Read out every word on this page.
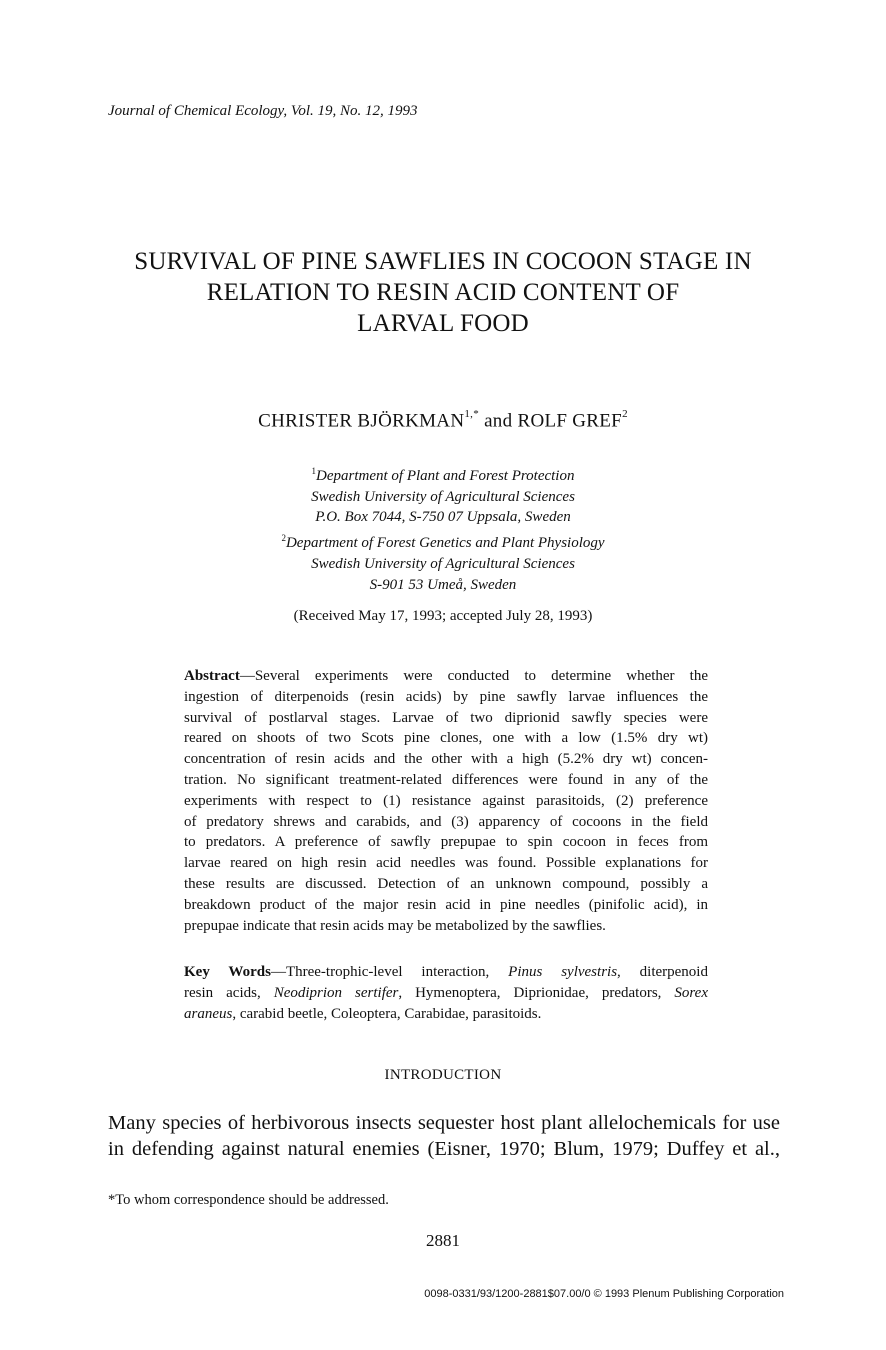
Journal of Chemical Ecology, Vol. 19, No. 12, 1993
SURVIVAL OF PINE SAWFLIES IN COCOON STAGE IN
RELATION TO RESIN ACID CONTENT OF
LARVAL FOOD
CHRISTER $BJÖRKMAN^{1,*}$ and ROLF GREF$^2$
$^1$Department of Plant and Forest Protection
Swedish University of Agricultural Sciences
P.O. Box 7044, S-750 07 Uppsala, Sweden
$^2$Department of Forest Genetics and Plant Physiology
Swedish University of Agricultural Sciences
S-901 53 Umeå, Sweden
(Received May 17, 1993; accepted July 28, 1993)
Abstract—Several experiments were conducted to determine whether the
ingestion of diterpenoids (resin acids) by pine sawfly larvae influences the
survival of postlarval stages. Larvae of two diprionid sawfly species were
reared on shoots of two Scots pine clones, one with a low (1.5% dry wt)
concentration of resin acids and the other with a high (5.2% dry wt) concen-
tration. No significant treatment-related differences were found in any of the
experiments with respect to (1) resistance against parasitoids, (2) preference
of predatory shrews and carabids, and (3) apparency of cocoons in the field
to predators. A preference of sawfly prepupae to spin cocoon in feces from
larvae reared on high resin acid needles was found. Possible explanations for
these results are discussed. Detection of an unknown compound, possibly a
breakdown product of the major resin acid in pine needles (pinifolic acid), in
prepupae indicate that resin acids may be metabolized by the sawflies.
Key Words—Three-trophic-level interaction, Pinus sylvestris, diterpenoid
resin acids, Neodiprion sertifer, Hymenoptera, Diprionidae, predators, Sorex
araneus, carabid beetle, Coleoptera, Carabidae, parasitoids.
INTRODUCTION
Many species of herbivorous insects sequester host plant allelochemicals for use
in defending against natural enemies (Eisner, 1970; Blum, 1979; Duffey et al.,
*To whom correspondence should be addressed.
2881
0098-0331/93/1200-2881$07.00/0 © 1993 Plenum Publishing Corporation
